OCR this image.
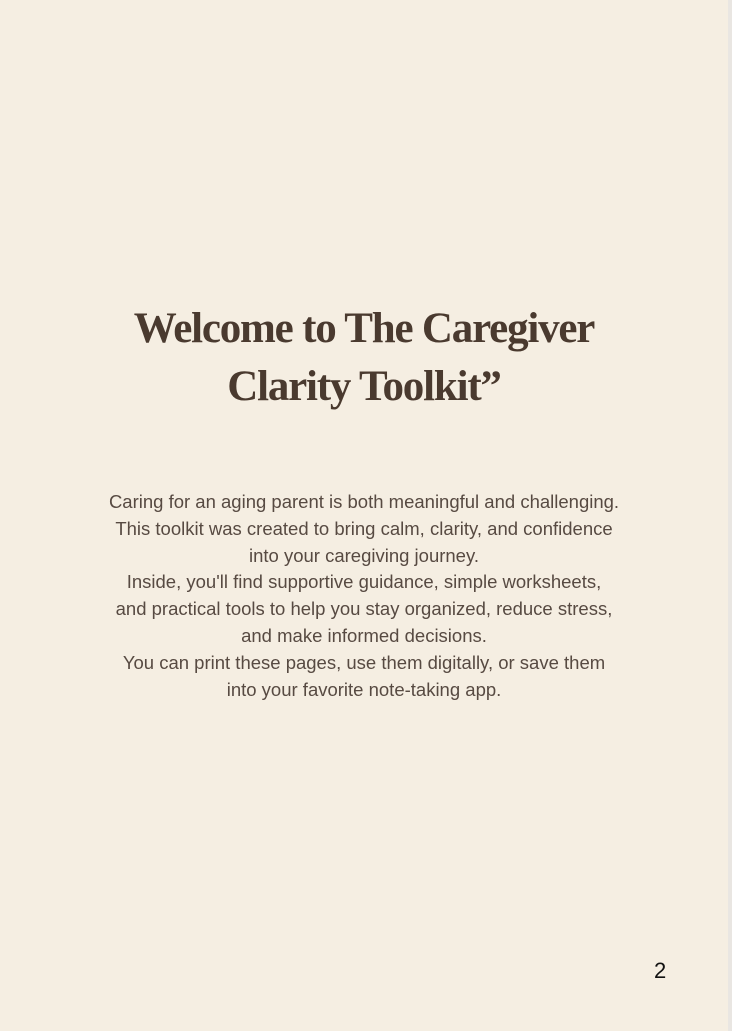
Welcome to The Caregiver
Clarity Toolkit”

Caring for an aging parent is both meaningful and challenging.
This toolkit was created to bring calm, clarity, and confidence
into your caregiving journey.
Inside, you'll find supportive guidance, simple worksheets,
and practical tools to help you stay organized, reduce stress,
and make informed decisions.
You can print these pages, use them digitally, or save them
into your favorite note-taking app.

2
